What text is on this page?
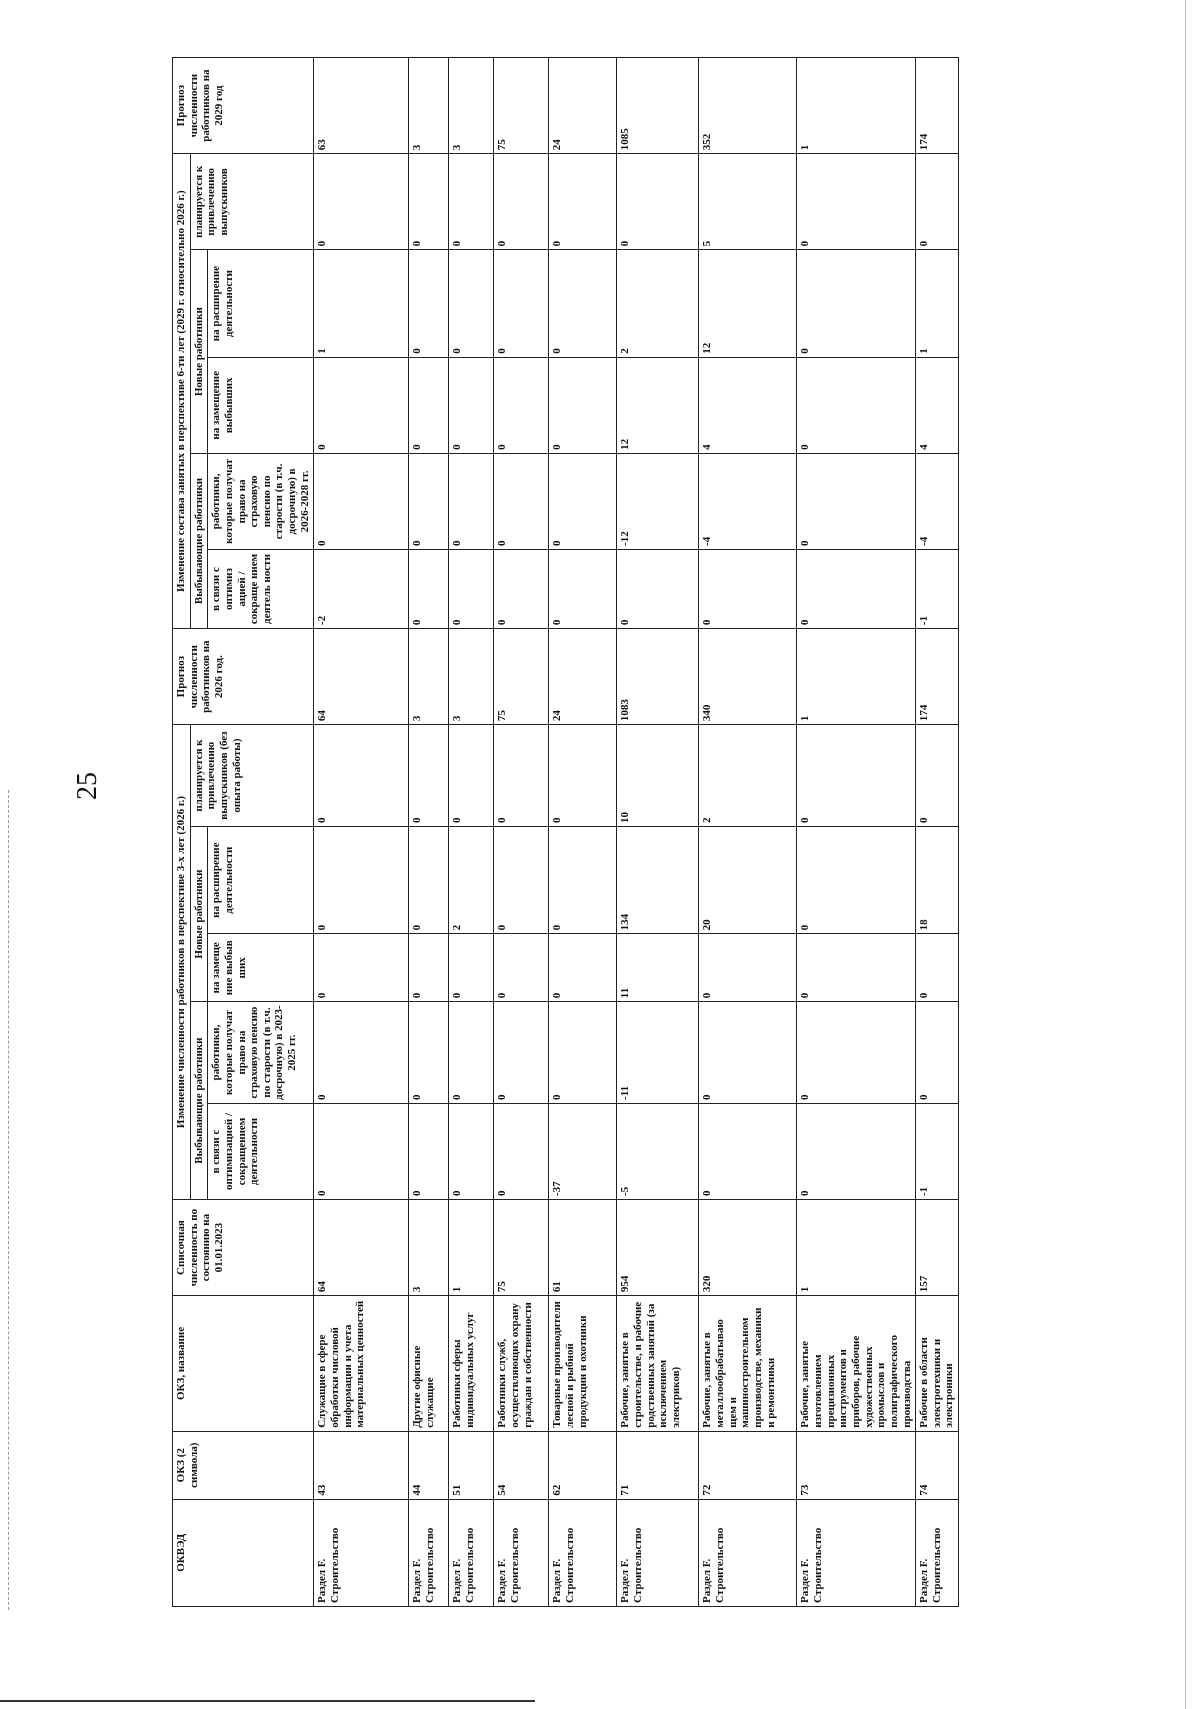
25
ОКВЭД	ОКЗ (2 символа)	ОКЗ, название	Списочная численность по состоянию на 01.01.2023	Изменение численности работников в перспективе 3-х лет (2026 г.)					Прогноз численности работников на 2026 год.	Изменение состава занятых в перспективе 6-ти лет (2029 г. относительно 2026 г.)					Прогноз численности работников на 2029 год
				Выбывающие работники		Новые работники		планируется к привлечению выпускников (без опыта работы)		Выбывающие работники		Новые работники		планируется к привлечению выпускников	
				в связи с оптимизацией / сокращением деятельности	работники, которые получат право на страховую пенсию по старости (в т.ч. досрочную) в 2023-2025 гг.	на замеще ние выбыв ших	на расширение деятельности			в связи с оптимиз ацией / сокраще нием деятель ности	работники, которые получат право на страховую пенсию по старости (в т.ч. досрочную) в 2026-2028 гг.	на замещение выбывших	на расширение деятельности		
Раздел F. Строительство	43	Служащие в сфере обработки числовой информации и учета материальных ценностей	64	0	0	0	0	0	64	-2	0	0	1	0	63
Раздел F. Строительство	44	Другие офисные служащие	3	0	0	0	0	0	3	0	0	0	0	0	3
Раздел F. Строительство	51	Работники сферы индивидуальных услуг	1	0	0	0	2	0	3	0	0	0	0	0	3
Раздел F. Строительство	54	Работники служб, осуществляющих охрану граждан и собственности	75	0	0	0	0	0	75	0	0	0	0	0	75
Раздел F. Строительство	62	Товарные производители лесной и рыбной продукции и охотники	61	-37	0	0	0	0	24	0	0	0	0	0	24
Раздел F. Строительство	71	Рабочие, занятые в строительстве, и рабочие родственных занятий (за исключением электриков)	954	-5	-11	11	134	10	1083	0	-12	12	2	0	1085
Раздел F. Строительство	72	Рабочие, занятые в металлообрабатываю щем и машиностроительном производстве, механики и ремонтники	320	0	0	0	20	2	340	0	-4	4	12	5	352
Раздел F. Строительство	73	Рабочие, занятые изготовлением прецизионных инструментов и приборов, рабочие художественных промыслов и полиграфического производства	1	0	0	0	0	0	1	0	0	0	0	0	1
Раздел F. Строительство	74	Рабочие в области электротехники и электроники	157	-1	0	0	18	0	174	-1	-4	4	1	0	174
